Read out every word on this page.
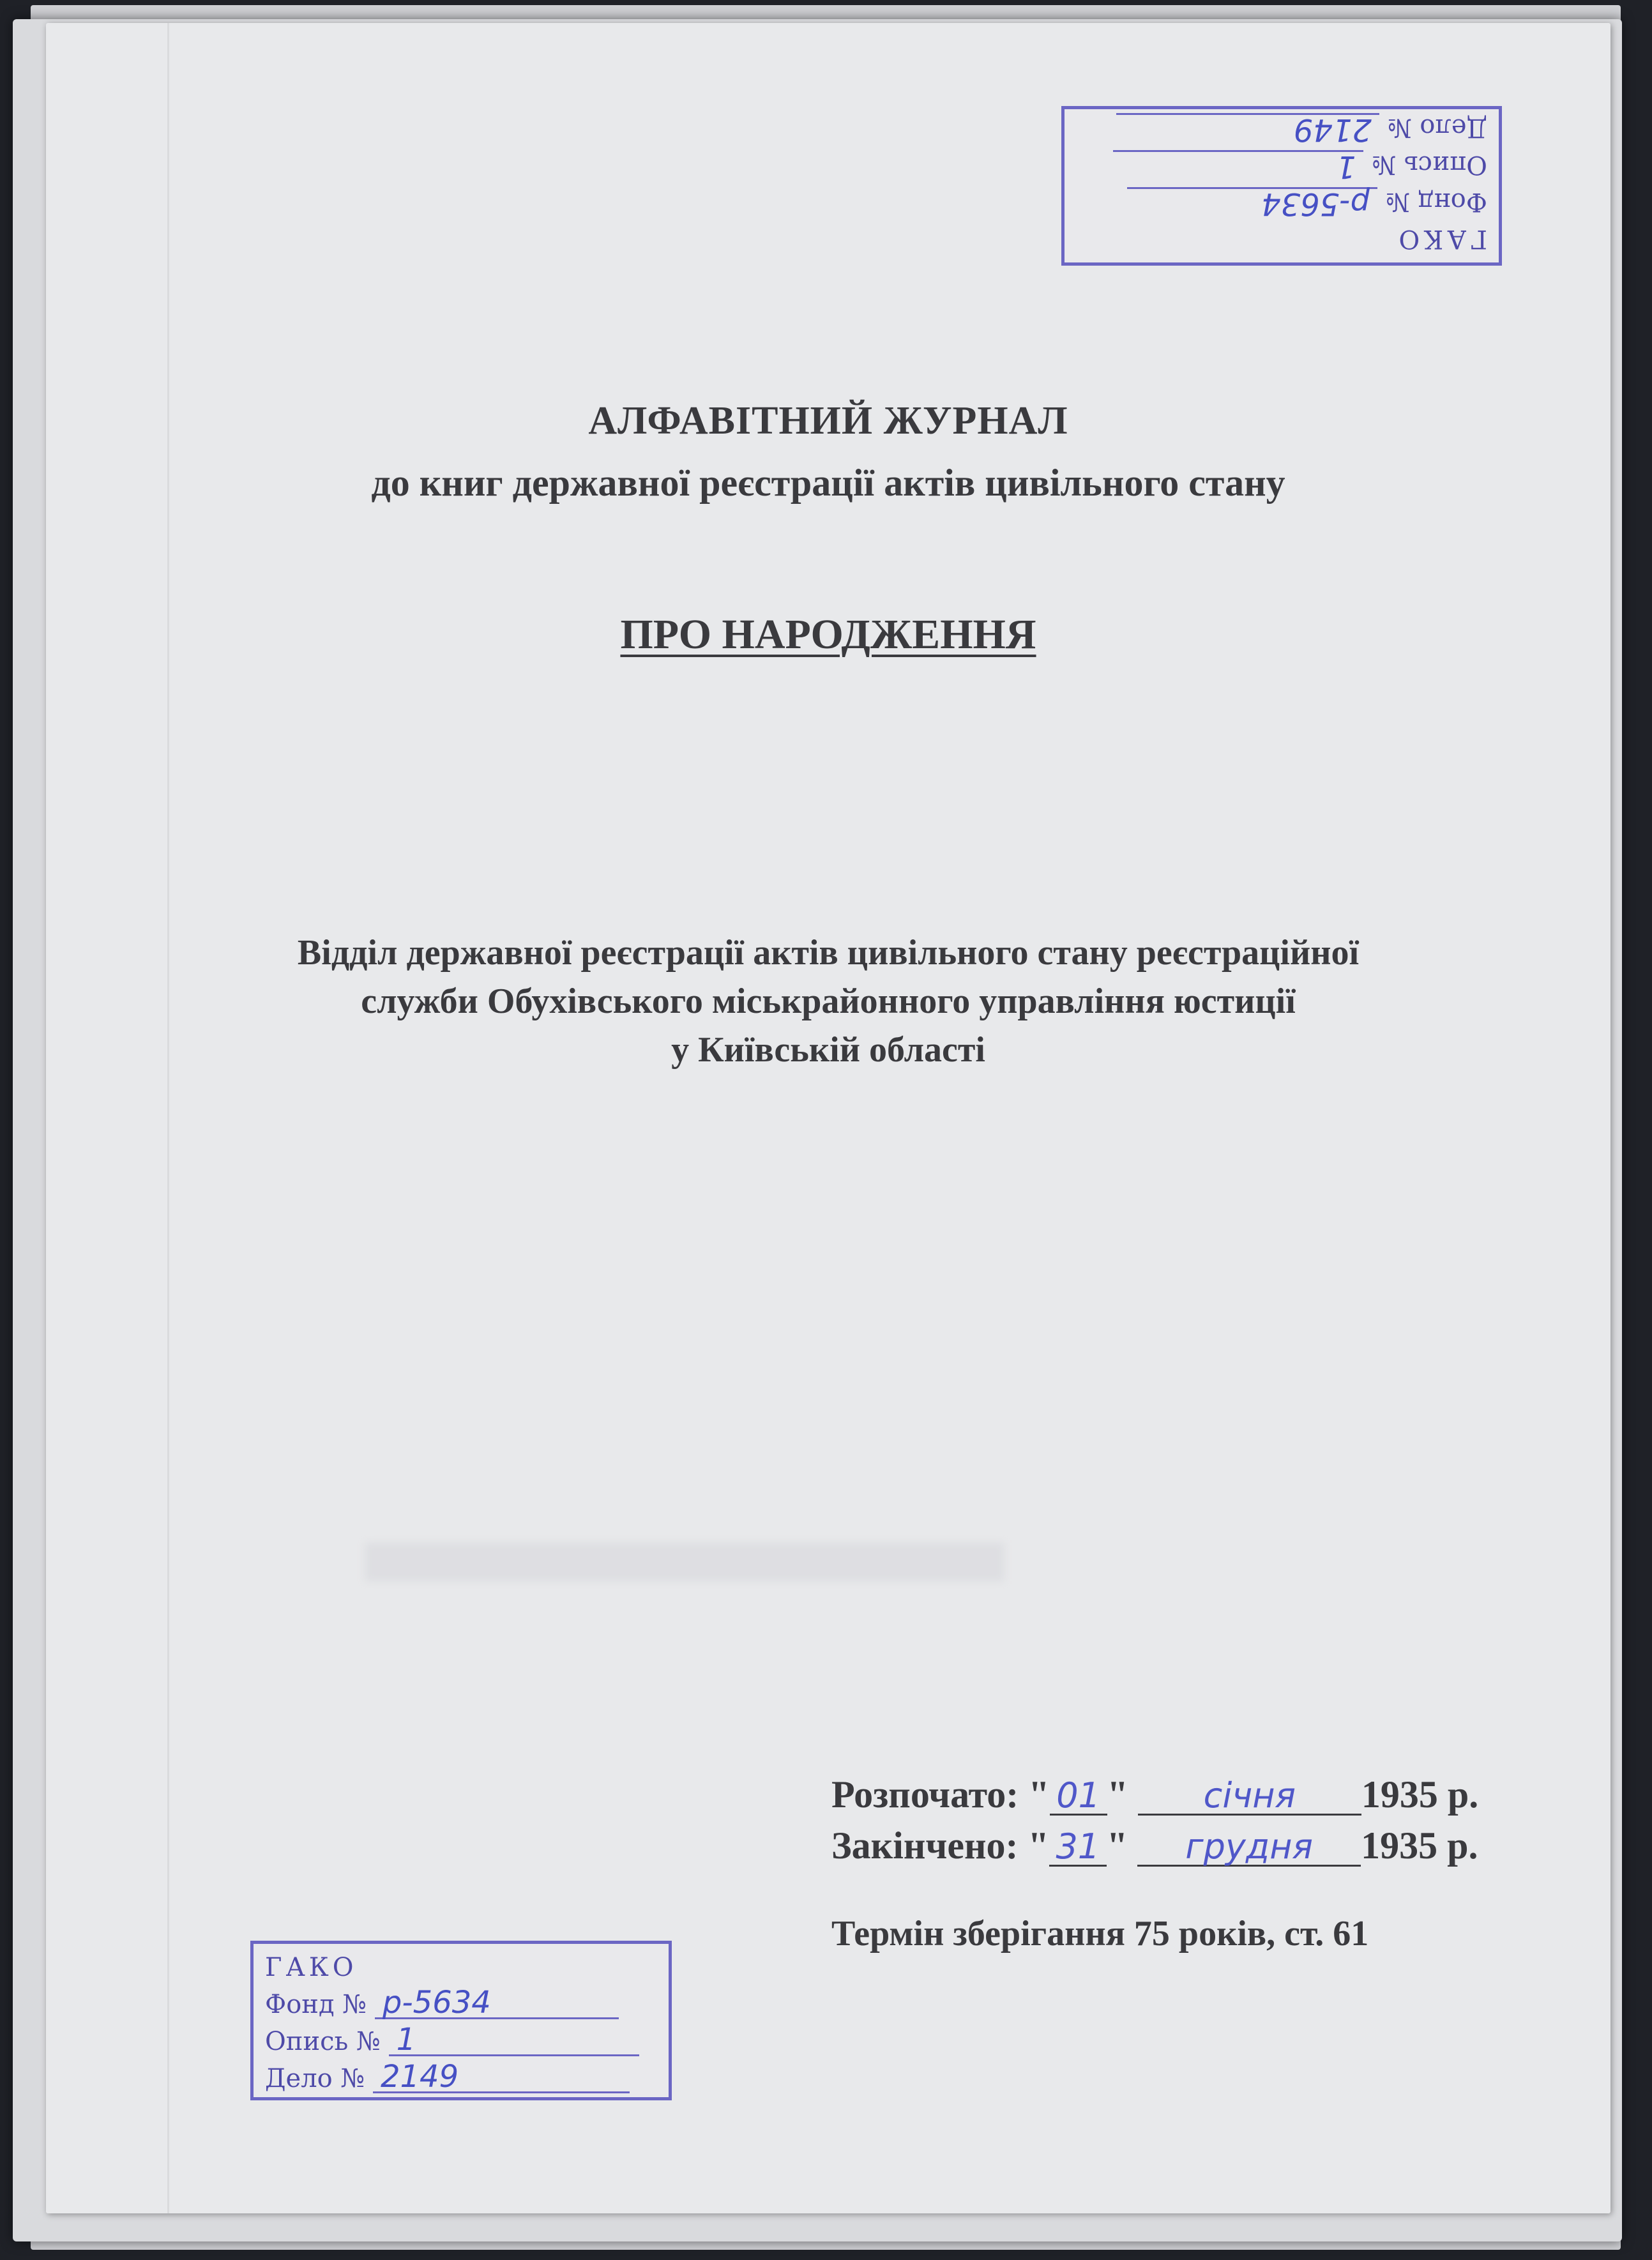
ГАКО
Фонд № р-5634
Опись № 1
Дело № 2149
АЛФАВІТНИЙ ЖУРНАЛ
до книг державної реєстрації актів цивільного стану
ПРО НАРОДЖЕННЯ
Відділ державної реєстрації актів цивільного стану реєстраційної
служби Обухівського міськрайонного управління юстиції
у Київській області
Розпочато: " 01 " січня 1935 р.
Закінчено: " 31 " грудня 1935 р.
Термін зберігання 75 років, ст. 61
ГАКО
Фонд № р-5634
Опись № 1
Дело № 2149
